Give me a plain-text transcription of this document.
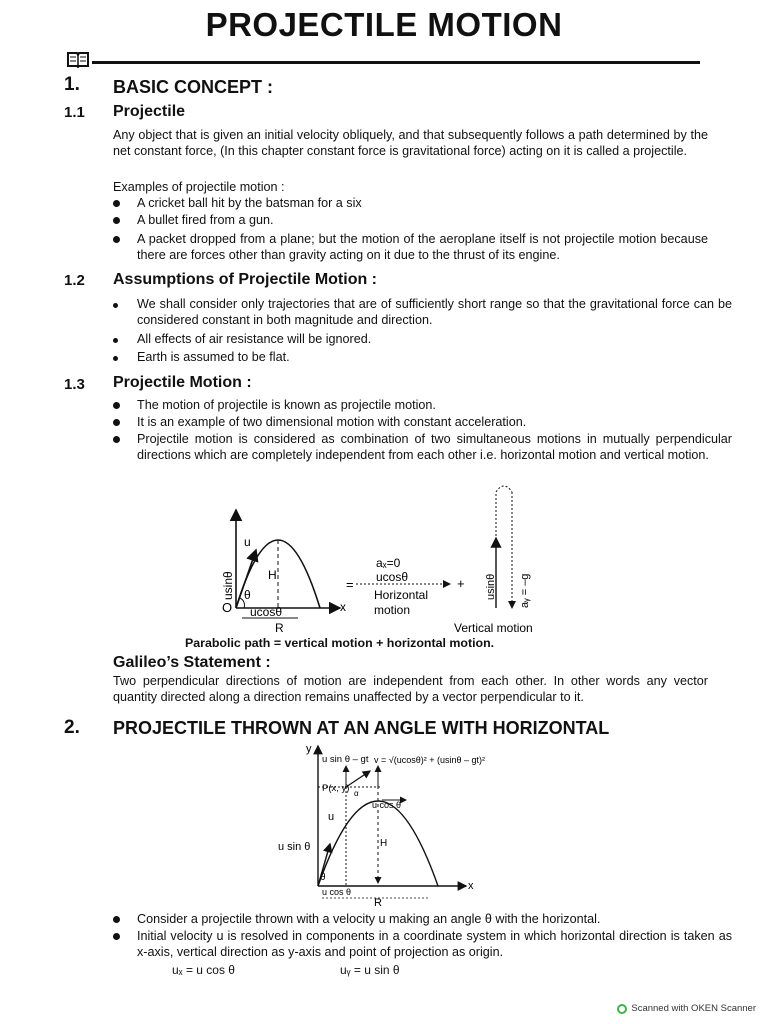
PROJECTILE MOTION
1. BASIC CONCEPT :
1.1 Projectile
Any object that is given an initial velocity obliquely, and that subsequently follows a path determined by the net constant force, (In this chapter constant force is gravitational force) acting on it is called a projectile.
Examples of projectile motion :
A cricket ball hit by the batsman for a six
A bullet fired from a gun.
A packet dropped from a plane; but the motion of the aeroplane itself is not projectile motion because there are forces other than gravity acting on it due to the thrust of its engine.
1.2 Assumptions of Projectile Motion :
We shall consider only trajectories that are of sufficiently short range so that the gravitational force can be considered constant in both magnitude and direction.
All effects of air resistance will be ignored.
Earth is assumed to be flat.
1.3 Projectile Motion :
The motion of projectile is known as projectile motion.
It is an example of two dimensional motion with constant acceleration.
Projectile motion is considered as combination of two simultaneous motions in mutually perpendicular directions which are completely independent from each other i.e. horizontal motion and vertical motion.
u
usinθ	H
θ
O ucosθ	x
R
=
aₓ=0
ucosθ	+
Horizontal
motion
usinθ aᵧ = –g
Vertical motion
Parabolic path = vertical motion + horizontal motion.
Galileo’s Statement :
Two perpendicular directions of motion are independent from each other. In other words any vector quantity directed along a direction remains unaffected by a vector perpendicular to it.
2. PROJECTILE THROWN AT AN ANGLE WITH HORIZONTAL
y
x
u sin θ – gt v = √(ucosθ)² + (usinθ – gt)²
P(x, y) α
u cos θ
u
u sin θ	H
θ
u cos θ
R
Consider a projectile thrown with a velocity u making an angle θ with the horizontal.
Initial velocity u is resolved in components in a coordinate system in which horizontal direction is taken as x-axis, vertical direction as y-axis and point of projection as origin.
uₓ = u cos θ	uᵧ = u sin θ
Scanned with OKEN Scanner
